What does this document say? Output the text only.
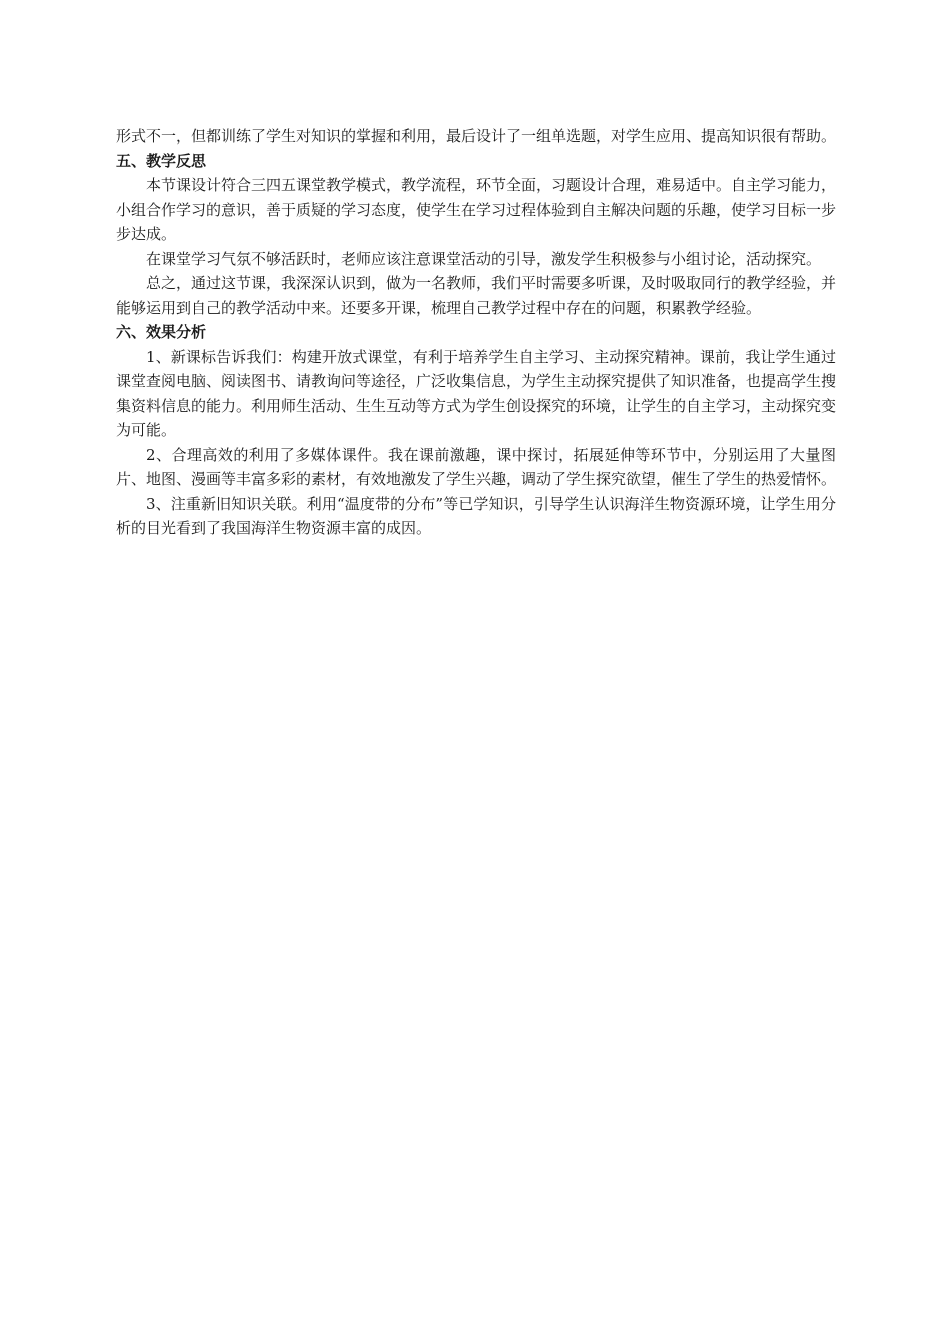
形式不一，但都训练了学生对知识的掌握和利用，最后设计了一组单选题，对学生应用、提高知识很有帮助。

五、教学反思

本节课设计符合三四五课堂教学模式，教学流程，环节全面，习题设计合理，难易适中。自主学习能力，小组合作学习的意识，善于质疑的学习态度，使学生在学习过程体验到自主解决问题的乐趣，使学习目标一步步达成。

在课堂学习气氛不够活跃时，老师应该注意课堂活动的引导，激发学生积极参与小组讨论，活动探究。

总之，通过这节课，我深深认识到，做为一名教师，我们平时需要多听课，及时吸取同行的教学经验，并能够运用到自己的教学活动中来。还要多开课，梳理自己教学过程中存在的问题，积累教学经验。

六、效果分析

1、新课标告诉我们：构建开放式课堂，有利于培养学生自主学习、主动探究精神。课前，我让学生通过课堂查阅电脑、阅读图书、请教询问等途径，广泛收集信息，为学生主动探究提供了知识准备，也提高学生搜集资料信息的能力。利用师生活动、生生互动等方式为学生创设探究的环境，让学生的自主学习，主动探究变为可能。

2、合理高效的利用了多媒体课件。我在课前激趣，课中探讨，拓展延伸等环节中，分别运用了大量图片、地图、漫画等丰富多彩的素材，有效地激发了学生兴趣，调动了学生探究欲望，催生了学生的热爱情怀。

3、注重新旧知识关联。利用“温度带的分布”等已学知识，引导学生认识海洋生物资源环境，让学生用分析的目光看到了我国海洋生物资源丰富的成因。
